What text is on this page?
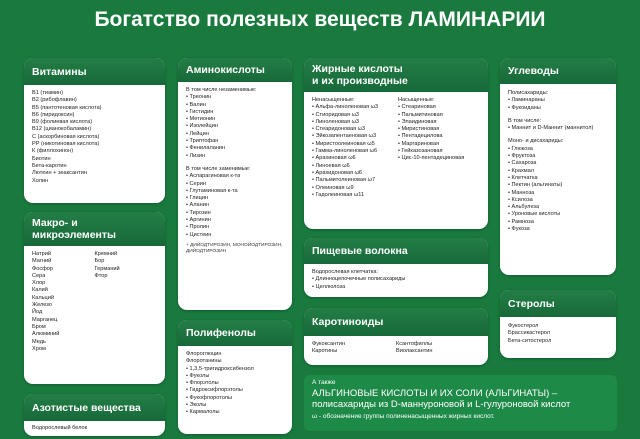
Богатство полезных веществ ЛАМИНАРИИ
Витамины
В1 (тиамин)
В2 (рибофлавин)
В5 (пантотеновая кислота)
В6 (пиридоксин)
В9 (фолиевая кислота)
В12 (цианокобаламин)
С (аскорбиновая кислота)
РР (никотиновая кислота)
К (филлохинон)
Биотин
Бета-каротин
Лютеин + зеаксантин
Холин
Макро- и микроэлементы
Натрий
Магний
Фосфор
Сера
Хлор
Калий
Кальций
Железо
Йод
Марганец
Бром
Алюминий
Медь
Хром
Кремний
Бор
Германий
Фтор
Азотистые вещества
Водорослевый белок
Аминокислоты
В том числе незаменимые:
• Треонин
• Валин
• Гистидин
• Метионин
• Изолейцин
• Лейцин
• Триптофан
• Фенилаланин
• Лизин
В том числе заменимые:
• Аспарагиновая к-та
• Серин
• Глутаминовая к-та
• Глицин
• Аланин
• Тирозин
• Аргинин
• Пролин
• Цистеин
+ ДИЙОДТИРОЗИН, МОНОЙОДТИРОЗИН, ДИЙОДТИРОЗИН
Полифенолы
Флороглюцин
Флоротанины
• 1,3,5-тригидроксибензол
• Фуколы
• Флорэтолы
• Гидроксифлорэтолы
• Фукофлоротолы
• Эколы
• Кармалолы
Жирные кислоты
и их производные
Ненасыщенные:
• Альфа-линоленовая ω3
• Стиоридовая ω3
• Линоленовая ω3
• Стеаридоновая ω3
• Эйкозапентаеновая ω3
• Миристоолеиновая ω5
• Гамма-линоленовая ω6
• Арахиновая ω6
• Линоевая ω6
• Арахидоновая ω6
• Пальмитолеиновая ω7
• Олеиновая ω9
• Гадолеиновая ω11
Насыщенные:
• Стеариновая
• Пальмитиновая
• Элаидиновая
• Миристиновая
• Пентадецилова
• Маргариновая
• Гейказозановая
• Цис-10-пентадециновая
Пищевые волокна
Водорослевая клетчатка:
• Длинноцепочечные полисахариды
• Целлюлоза
Каротиноиды
Фукоксантин
Каротины
Ксантофиллы
Виолаксантин
Углеводы
Полисахариды:
• Ламинараны
• Фукоиданы
В том числе:
• Маннит и D-Маннит (маннитол)
Моно- и дисахариды:
• Глюкоза
• Фруктоза
• Сахароза
• Крахмал
• Клетчатка
• Пектин (альгинаты)
• Манноза
• Ксилоза
• Альбулеза
• Уроновые кислоты
• Рамноза
• Фукоза
Стеролы
Фукостерол
Брассикастерол
Бета-ситостерол
А также
АЛЬГИНОВЫЕ КИСЛОТЫ И ИХ СОЛИ (АЛЬГИНАТЫ) –
полисахариды из D-маннуроновой и L-гулуроновой кислот
ω - обозначение группы полиненасыщенных жирных кислот.
